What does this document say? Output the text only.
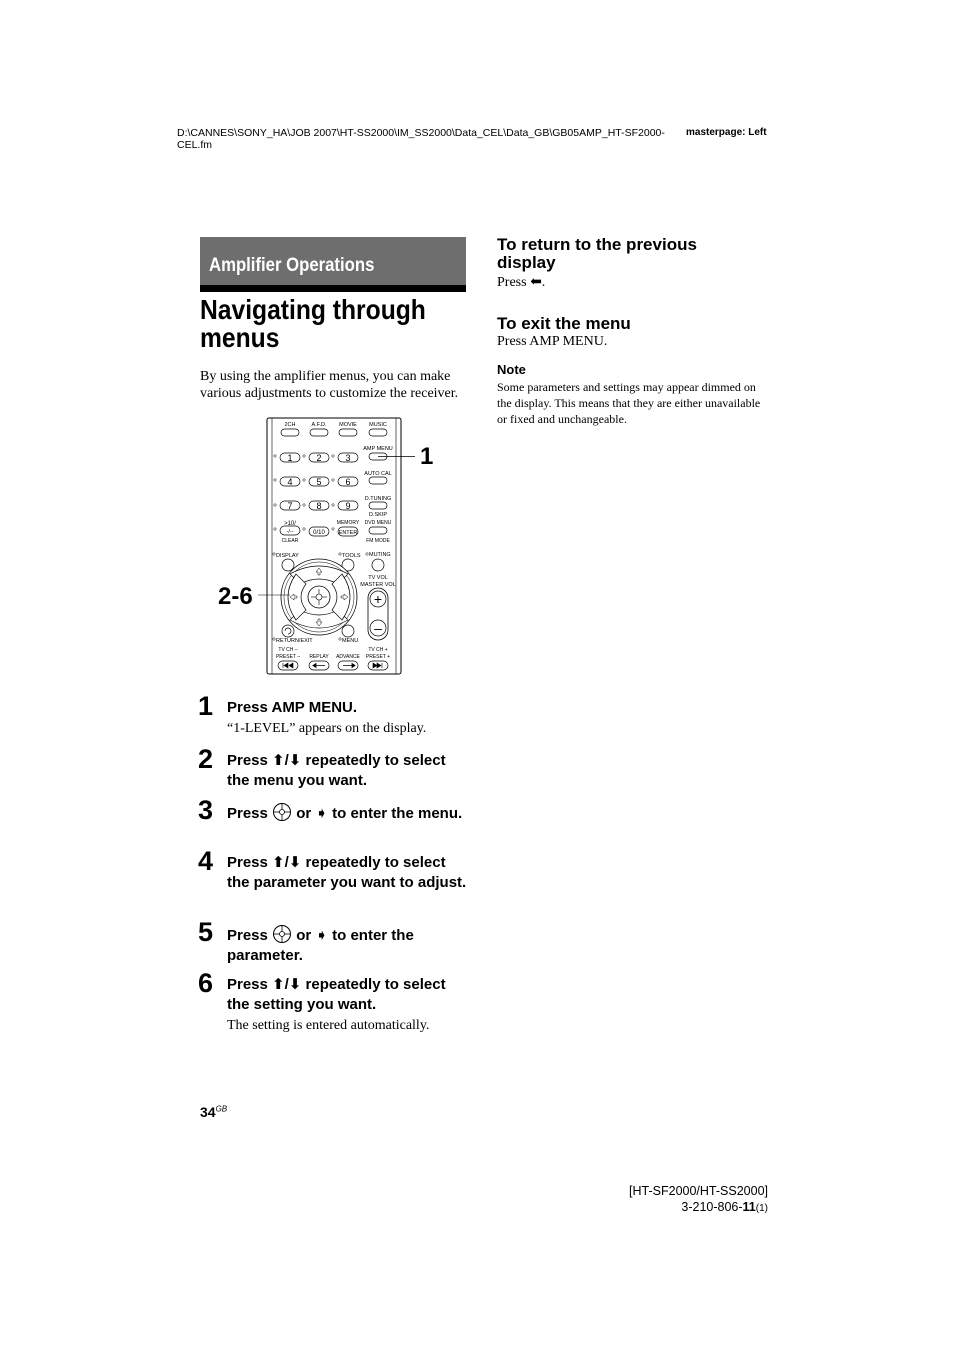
D:\CANNES\SONY_HA\JOB 2007\HT-SS2000\IM_SS2000\Data_CEL\Data_GB\GB05AMP_HT-SF2000-CEL.fm
masterpage: Left
Amplifier Operations
Navigating through menus
By using the amplifier menus, you can make various adjustments to customize the receiver.
2CH	A.F.D. MOVIE MUSIC
AMP MENU 1
1	2	3
AUTO CAL
4	5	6
D.TUNING
D.SKIP
7	8	9
>10/
-/--
CLEAR
0/10
MEMORY
ENTER
DVD MENU
FM MODE
DISPLAY	TOOLS MUTING
2-6
TV VOL
MASTER VOL
+
–
RETURN/EXIT	MENU
TV CH –
PRESET – REPLAY ADVANCE
TV CH +
PRESET +
1 Press AMP MENU.
“1-LEVEL” appears on the display.
2 Press ⬆/⬇ repeatedly to select the menu you want.
3 Press  or ➧ to enter the menu.
4 Press ⬆/⬇ repeatedly to select the parameter you want to adjust.
5 Press  or ➧ to enter the parameter.
6 Press ⬆/⬇ repeatedly to select the setting you want.
The setting is entered automatically.
To return to the previous display
Press ⬅.
To exit the menu
Press AMP MENU.
Note
Some parameters and settings may appear dimmed on the display. This means that they are either unavailable or fixed and unchangeable.
$34^{GB}$
[HT-SF2000/HT-SS2000]
3-210-806-11(1)
